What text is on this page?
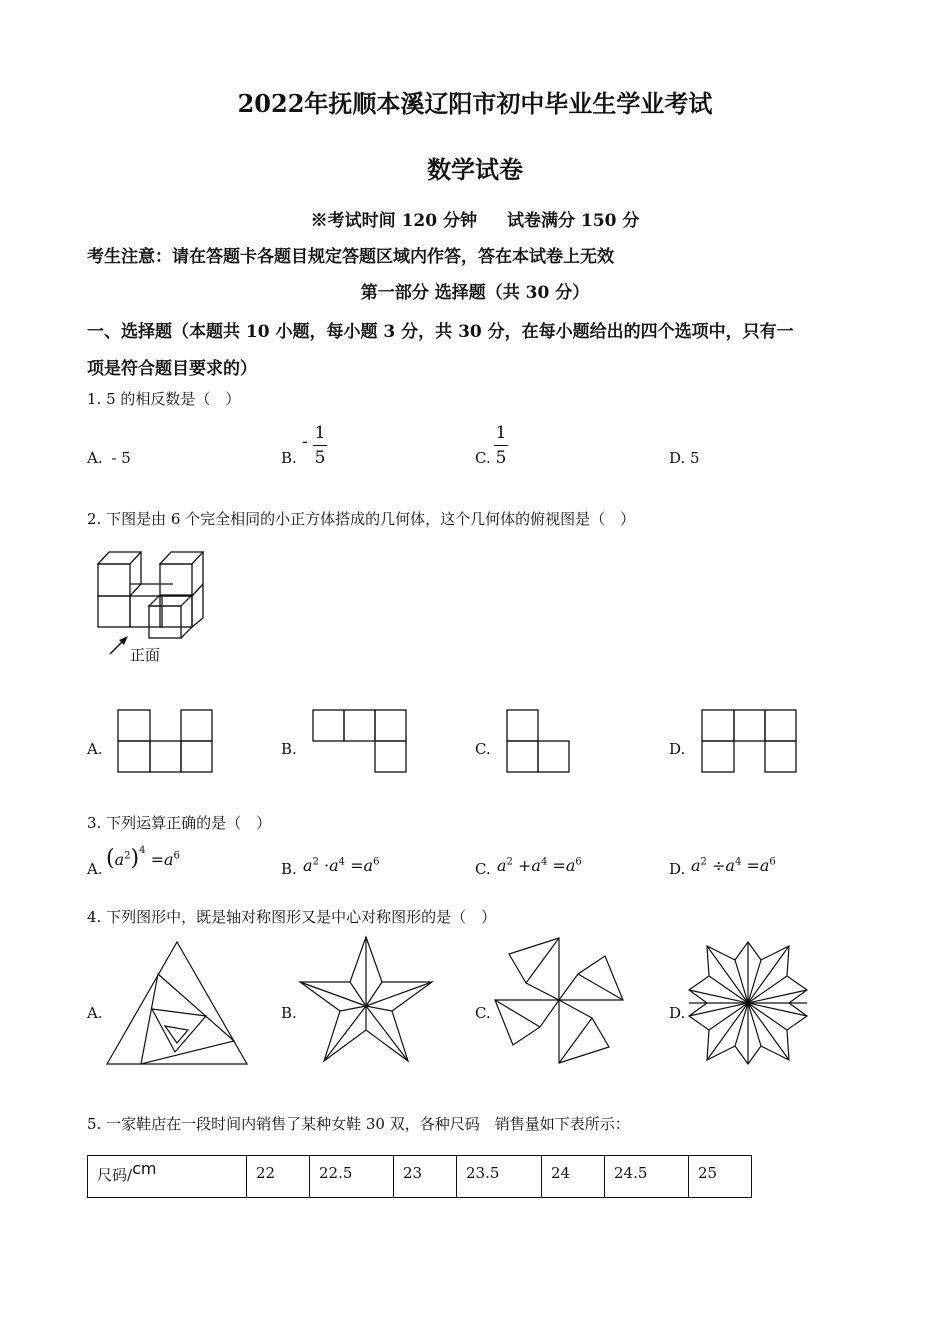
2022年抚顺本溪辽阳市初中毕业生学业考试
数学试卷
※考试时间 120 分钟 试卷满分 150 分
考生注意：请在答题卡各题目规定答题区域内作答，答在本试卷上无效
第一部分 选择题（共 30 分）
一、选择题（本题共 10 小题，每小题 3 分，共 30 分，在每小题给出的四个选项中，只有一
项是符合题目要求的）
1. 5 的相反数是（　）
A. - 5	B.
- 1
5	C.
1
5	D. 5
2. 下图是由 6 个完全相同的小正方体搭成的几何体，这个几何体的俯视图是（　）
正面
A.	B.	C.	D.
3. 下列运算正确的是（　）
A. $(a^2)^4 =a^6$
B. $a^2 \cdot a^4 =a^6$	C. $a^2 +a^4 =a^6$	D. $a^2 \div a^4 =a^6$
4. 下列图形中，既是轴对称图形又是中心对称图形的是（　）
A.	B.	C.	D.
5. 一家鞋店在一段时间内销售了某种女鞋 30 双，各种尺码　销售量如下表所示：
尺码/cm	22	22.5	23	23.5	24	24.5	25
